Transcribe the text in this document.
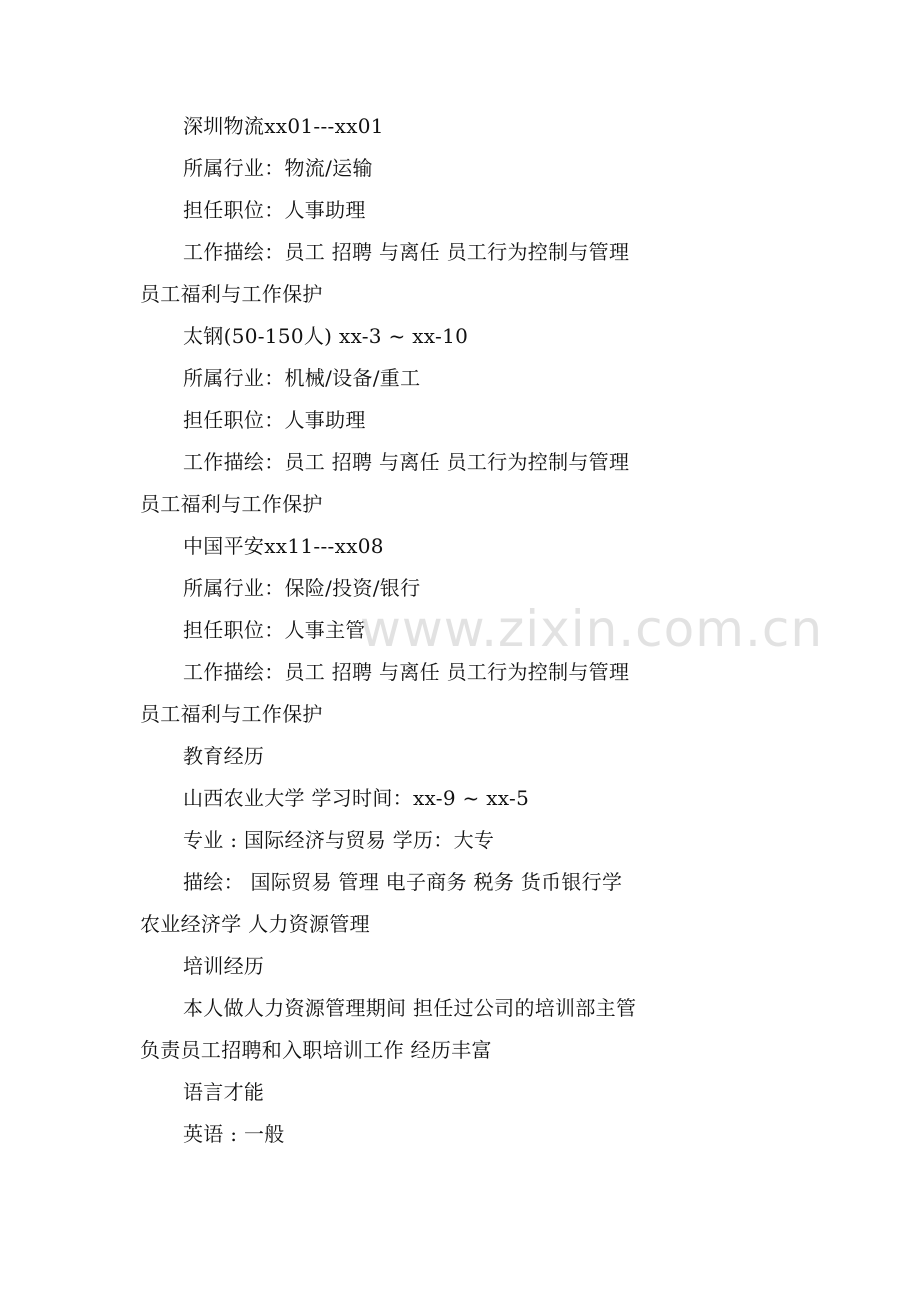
深圳物流xx01---xx01
所属行业：物流/运输
担任职位：人事助理
工作描绘：员工 招聘 与离任 员工行为控制与管理
员工福利与工作保护
太钢(50-150人) xx-3 ~ xx-10
所属行业：机械/设备/重工
担任职位：人事助理
工作描绘：员工 招聘 与离任 员工行为控制与管理
员工福利与工作保护
中国平安xx11---xx08
所属行业：保险/投资/银行
担任职位：人事主管
工作描绘：员工 招聘 与离任 员工行为控制与管理
员工福利与工作保护
教育经历
山西农业大学 学习时间：xx-9 ~ xx-5
专业 : 国际经济与贸易 学历：大专
描绘： 国际贸易 管理 电子商务 税务 货币银行学
农业经济学 人力资源管理
培训经历
本人做人力资源管理期间 担任过公司的培训部主管
负责员工招聘和入职培训工作 经历丰富
语言才能
英语 : 一般
www.zixin.com.cn
